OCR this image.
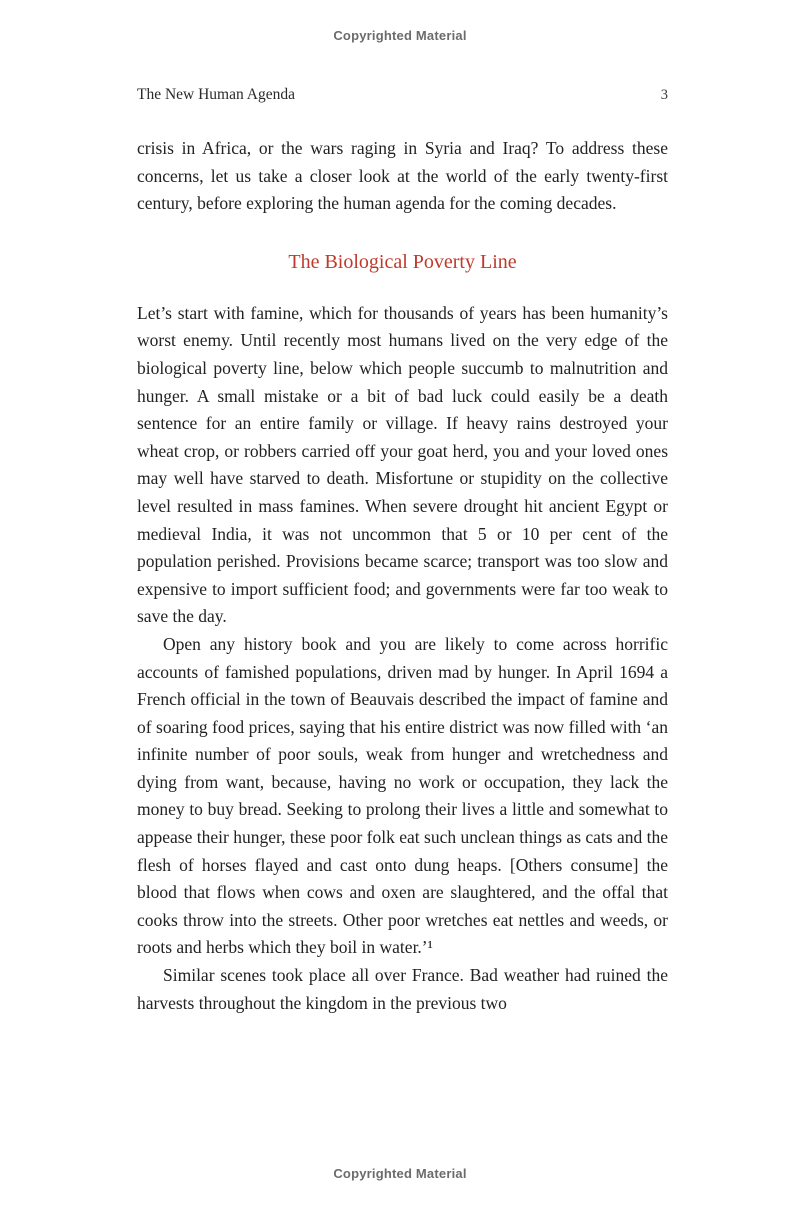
Copyrighted Material
The New Human Agenda	3

crisis in Africa, or the wars raging in Syria and Iraq? To address these concerns, let us take a closer look at the world of the early twenty-first century, before exploring the human agenda for the coming decades.

The Biological Poverty Line

Let’s start with famine, which for thousands of years has been humanity’s worst enemy. Until recently most humans lived on the very edge of the biological poverty line, below which people succumb to malnutrition and hunger. A small mistake or a bit of bad luck could easily be a death sentence for an entire family or village. If heavy rains destroyed your wheat crop, or robbers carried off your goat herd, you and your loved ones may well have starved to death. Misfortune or stupidity on the collective level resulted in mass famines. When severe drought hit ancient Egypt or medieval India, it was not uncommon that 5 or 10 per cent of the population perished. Provisions became scarce; transport was too slow and expensive to import sufficient food; and governments were far too weak to save the day.

Open any history book and you are likely to come across horrific accounts of famished populations, driven mad by hunger. In April 1694 a French official in the town of Beauvais described the impact of famine and of soaring food prices, saying that his entire district was now filled with ‘an infinite number of poor souls, weak from hunger and wretchedness and dying from want, because, having no work or occupation, they lack the money to buy bread. Seeking to prolong their lives a little and somewhat to appease their hunger, these poor folk eat such unclean things as cats and the flesh of horses flayed and cast onto dung heaps. [Others consume] the blood that flows when cows and oxen are slaughtered, and the offal that cooks throw into the streets. Other poor wretches eat nettles and weeds, or roots and herbs which they boil in water.’¹

Similar scenes took place all over France. Bad weather had ruined the harvests throughout the kingdom in the previous two

Copyrighted Material
